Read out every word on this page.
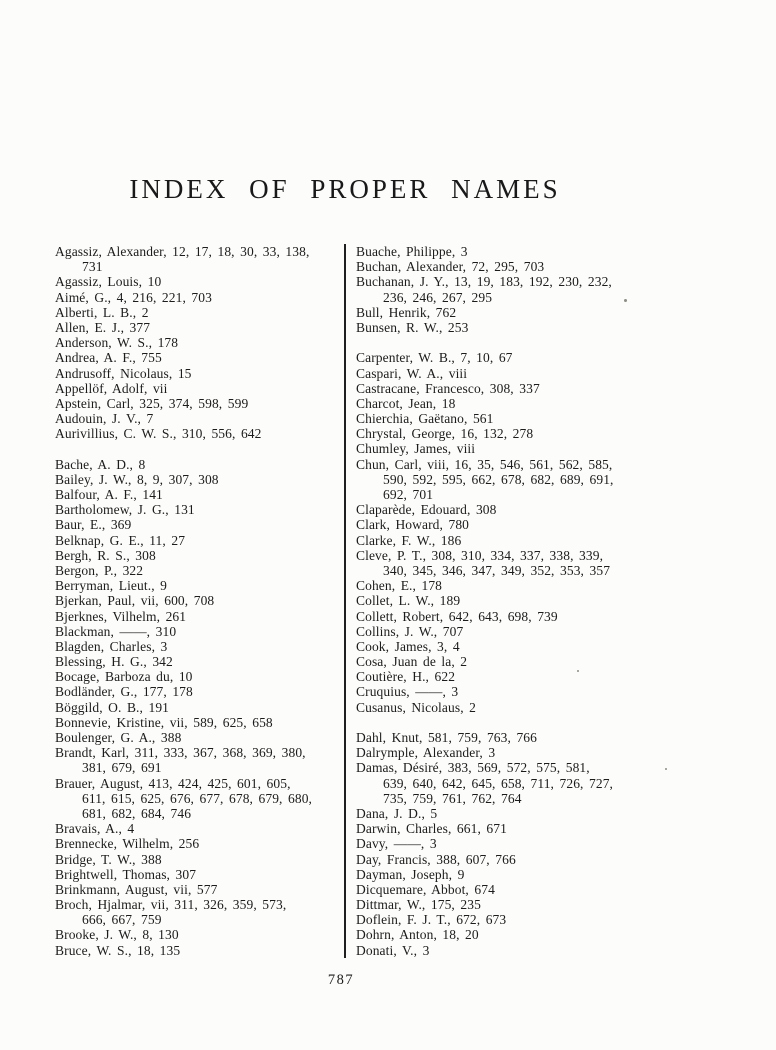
INDEX OF PROPER NAMES
Agassiz, Alexander, 12, 17, 18, 30, 33, 138,
731
Agassiz, Louis, 10
Aimé, G., 4, 216, 221, 703
Alberti, L. B., 2
Allen, E. J., 377
Anderson, W. S., 178
Andrea, A. F., 755
Andrusoff, Nicolaus, 15
Appellöf, Adolf, vii
Apstein, Carl, 325, 374, 598, 599
Audouin, J. V., 7
Aurivillius, C. W. S., 310, 556, 642
Bache, A. D., 8
Bailey, J. W., 8, 9, 307, 308
Balfour, A. F., 141
Bartholomew, J. G., 131
Baur, E., 369
Belknap, G. E., 11, 27
Bergh, R. S., 308
Bergon, P., 322
Berryman, Lieut., 9
Bjerkan, Paul, vii, 600, 708
Bjerknes, Vilhelm, 261
Blackman, ——, 310
Blagden, Charles, 3
Blessing, H. G., 342
Bocage, Barboza du, 10
Bodländer, G., 177, 178
Böggild, O. B., 191
Bonnevie, Kristine, vii, 589, 625, 658
Boulenger, G. A., 388
Brandt, Karl, 311, 333, 367, 368, 369, 380,
381, 679, 691
Brauer, August, 413, 424, 425, 601, 605,
611, 615, 625, 676, 677, 678, 679, 680,
681, 682, 684, 746
Bravais, A., 4
Brennecke, Wilhelm, 256
Bridge, T. W., 388
Brightwell, Thomas, 307
Brinkmann, August, vii, 577
Broch, Hjalmar, vii, 311, 326, 359, 573,
666, 667, 759
Brooke, J. W., 8, 130
Bruce, W. S., 18, 135
Buache, Philippe, 3
Buchan, Alexander, 72, 295, 703
Buchanan, J. Y., 13, 19, 183, 192, 230, 232,
236, 246, 267, 295
Bull, Henrik, 762
Bunsen, R. W., 253
Carpenter, W. B., 7, 10, 67
Caspari, W. A., viii
Castracane, Francesco, 308, 337
Charcot, Jean, 18
Chierchia, Gaëtano, 561
Chrystal, George, 16, 132, 278
Chumley, James, viii
Chun, Carl, viii, 16, 35, 546, 561, 562, 585,
590, 592, 595, 662, 678, 682, 689, 691,
692, 701
Claparède, Edouard, 308
Clark, Howard, 780
Clarke, F. W., 186
Cleve, P. T., 308, 310, 334, 337, 338, 339,
340, 345, 346, 347, 349, 352, 353, 357
Cohen, E., 178
Collet, L. W., 189
Collett, Robert, 642, 643, 698, 739
Collins, J. W., 707
Cook, James, 3, 4
Cosa, Juan de la, 2
Coutière, H., 622
Cruquius, ——, 3
Cusanus, Nicolaus, 2
Dahl, Knut, 581, 759, 763, 766
Dalrymple, Alexander, 3
Damas, Désiré, 383, 569, 572, 575, 581,
639, 640, 642, 645, 658, 711, 726, 727,
735, 759, 761, 762, 764
Dana, J. D., 5
Darwin, Charles, 661, 671
Davy, ——, 3
Day, Francis, 388, 607, 766
Dayman, Joseph, 9
Dicquemare, Abbot, 674
Dittmar, W., 175, 235
Doflein, F. J. T., 672, 673
Dohrn, Anton, 18, 20
Donati, V., 3
787
